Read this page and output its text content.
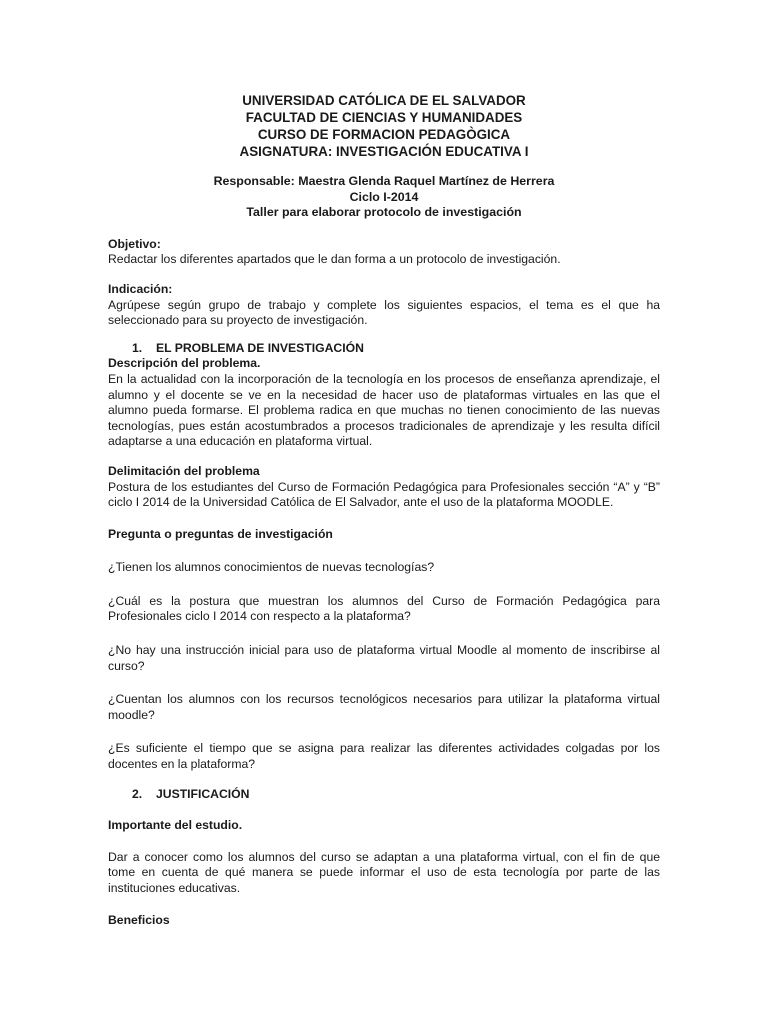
UNIVERSIDAD CATÓLICA DE EL SALVADOR
FACULTAD DE CIENCIAS Y HUMANIDADES
CURSO DE FORMACION PEDAGÒGICA
ASIGNATURA: INVESTIGACIÓN EDUCATIVA I
Responsable: Maestra Glenda Raquel Martínez de Herrera
Ciclo I-2014
Taller para elaborar protocolo de investigación
Objetivo:
Redactar los diferentes apartados que le dan forma a un protocolo de investigación.
Indicación:
Agrúpese según grupo de trabajo y complete los siguientes espacios, el tema es el que ha seleccionado para su proyecto de investigación.
1. EL PROBLEMA DE INVESTIGACIÓN
Descripción del problema.
En la actualidad con la incorporación de la tecnología en los procesos de enseñanza aprendizaje, el alumno y el docente se ve en la necesidad de hacer uso de plataformas virtuales en las que el alumno pueda formarse. El problema radica en que muchas no tienen conocimiento de las nuevas tecnologías, pues están acostumbrados a procesos tradicionales de aprendizaje y les resulta difícil adaptarse a una educación en plataforma virtual.
Delimitación del problema
Postura de los estudiantes del Curso de Formación Pedagógica para Profesionales sección “A” y “B” ciclo I 2014 de la Universidad Católica de El Salvador, ante el uso de la plataforma MOODLE.
Pregunta o preguntas de investigación
¿Tienen los alumnos conocimientos de nuevas tecnologías?
¿Cuál es la postura que muestran los alumnos del Curso de Formación Pedagógica para Profesionales ciclo I 2014 con respecto a la plataforma?
¿No hay una instrucción inicial para uso de plataforma virtual Moodle al momento de inscribirse al curso?
¿Cuentan los alumnos con los recursos tecnológicos necesarios para utilizar la plataforma virtual moodle?
¿Es suficiente el tiempo que se asigna para realizar las diferentes actividades colgadas por los docentes en la plataforma?
2. JUSTIFICACIÓN
Importante del estudio.
Dar a conocer como los alumnos del curso se adaptan a una plataforma virtual, con el fin de que tome en cuenta de qué manera se puede informar el uso de esta tecnología por parte de las instituciones educativas.
Beneficios
